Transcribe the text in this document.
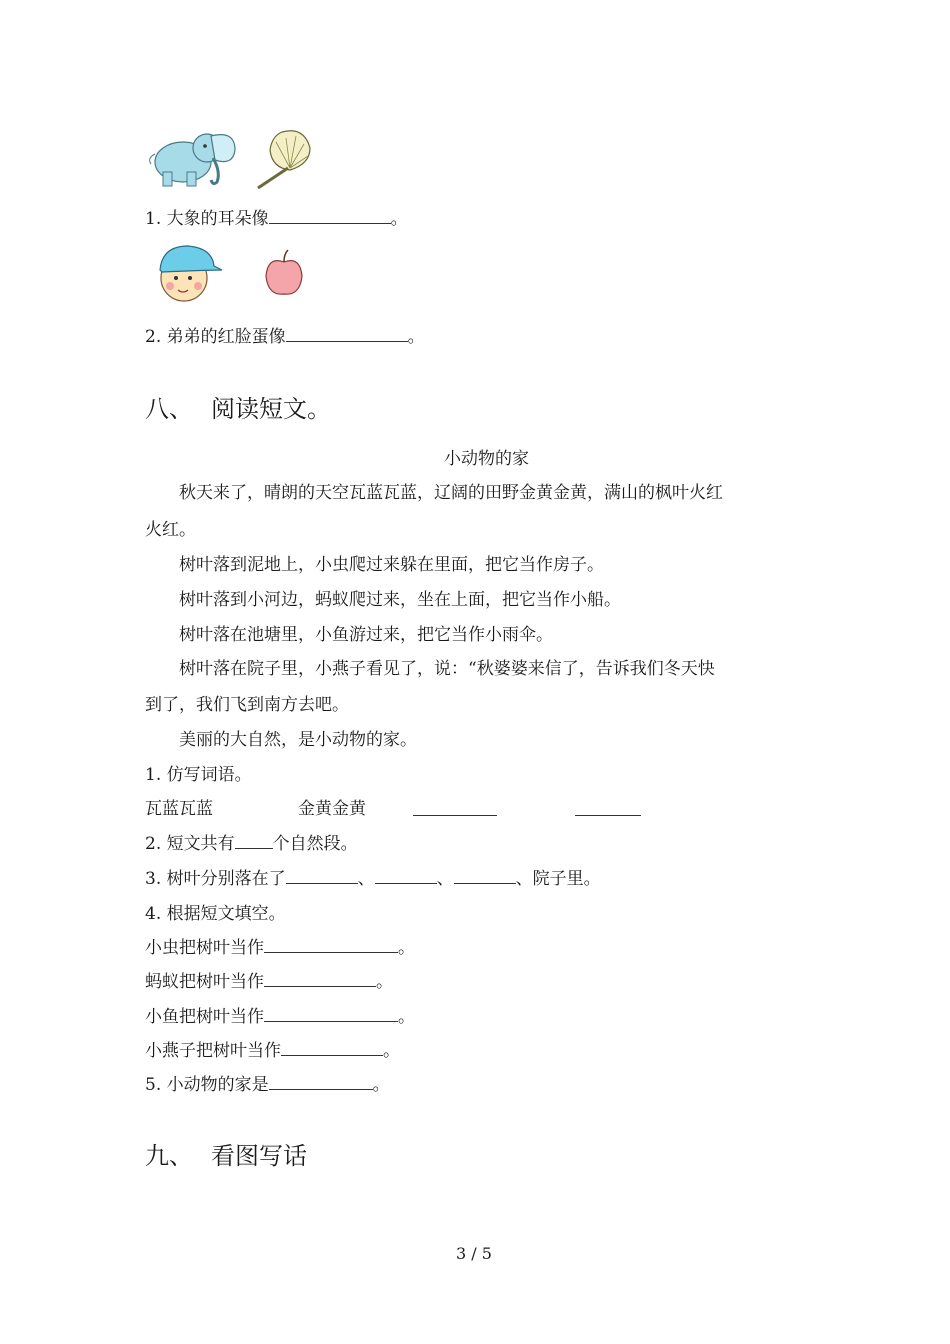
1. 大象的耳朵像	。
2. 弟弟的红脸蛋像	。
八、 阅读短文。
小动物的家
秋天来了，晴朗的天空瓦蓝瓦蓝，辽阔的田野金黄金黄，满山的枫叶火红
火红。
树叶落到泥地上，小虫爬过来躲在里面，把它当作房子。
树叶落到小河边，蚂蚁爬过来，坐在上面，把它当作小船。
树叶落在池塘里，小鱼游过来，把它当作小雨伞。
树叶落在院子里，小燕子看见了，说：“秋婆婆来信了，告诉我们冬天快
到了，我们飞到南方去吧。
美丽的大自然，是小动物的家。
1. 仿写词语。
瓦蓝瓦蓝	金黄金黄
2. 短文共有 个自然段。
3. 树叶分别落在了	、	、	、院子里。
4. 根据短文填空。
小虫把树叶当作	。
蚂蚁把树叶当作	。
小鱼把树叶当作	。
小燕子把树叶当作	。
5. 小动物的家是	。
九、 看图写话
3 / 5
